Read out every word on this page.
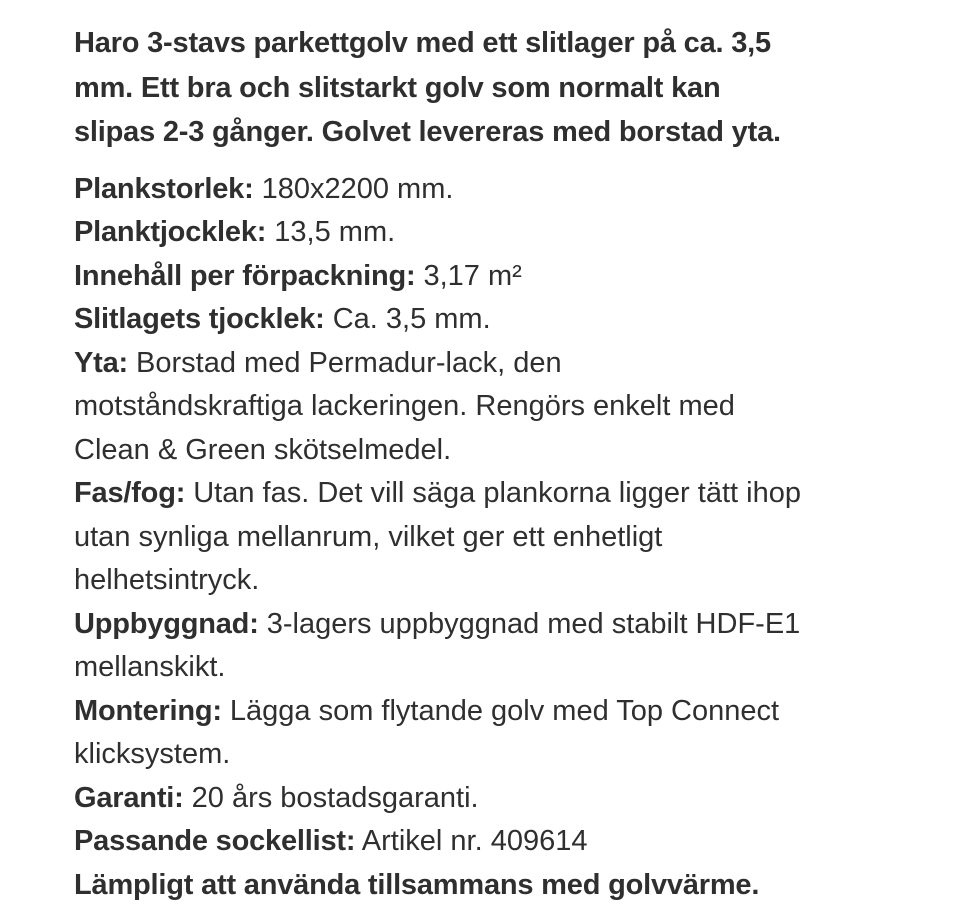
Haro 3-stavs parkettgolv med ett slitlager på ca. 3,5
mm. Ett bra och slitstarkt golv som normalt kan
slipas 2-3 gånger. Golvet levereras med borstad yta.
Plankstorlek: 180x2200 mm.
Planktjocklek: 13,5 mm.
Innehåll per förpackning: 3,17 m²
Slitlagets tjocklek: Ca. 3,5 mm.
Yta: Borstad med Permadur-lack, den
motståndskraftiga lackeringen. Rengörs enkelt med
Clean & Green skötselmedel.
Fas/fog: Utan fas. Det vill säga plankorna ligger tätt ihop
utan synliga mellanrum, vilket ger ett enhetligt
helhetsintryck.
Uppbyggnad: 3-lagers uppbyggnad med stabilt HDF-E1
mellanskikt.
Montering: Lägga som flytande golv med Top Connect
klicksystem.
Garanti: 20 års bostadsgaranti.
Passande sockellist: Artikel nr. 409614
Lämpligt att använda tillsammans med golvvärme.
